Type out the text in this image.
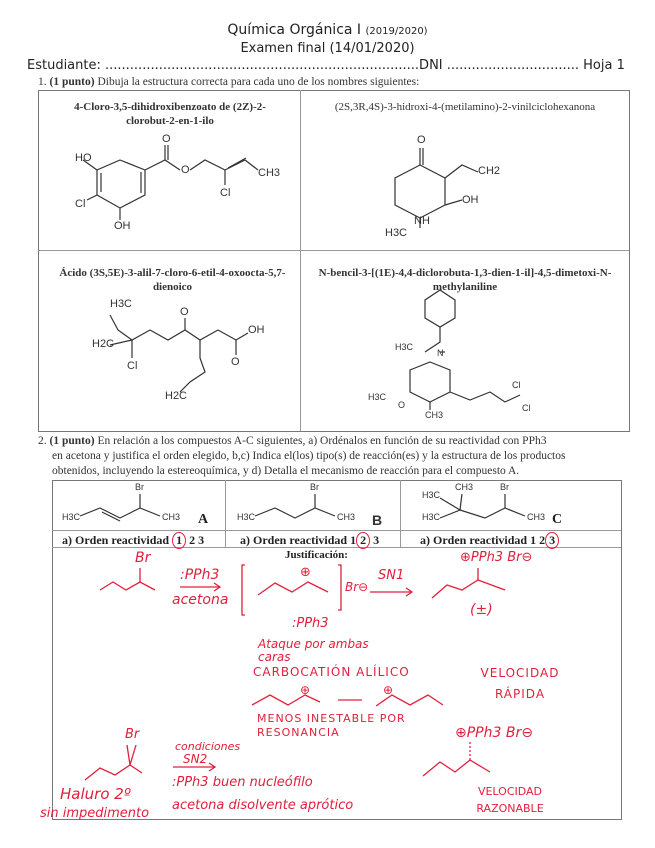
Química Orgánica I (2019/2020)
Examen final (14/01/2020)
Estudiante: ............................................................................DNI ................................ Hoja 1
1. (1 punto) Dibuja la estructura correcta para cada uno de los nombres siguientes:
4-Cloro-3,5-dihidroxibenzoato de (2Z)-2-clorobut-2-en-1-ilo
(2S,3R,4S)-3-hidroxi-4-(metilamino)-2-vinilciclohexanona
Ácido (3S,5E)-3-alil-7-cloro-6-etil-4-oxoocta-5,7-dienoico
N-bencil-3-[(1E)-4,4-diclorobuta-1,3-dien-1-il]-4,5-dimetoxi-N-methylaniline
HO
O
O
Cl
CH3
Cl
OH
O
CH2
OH
NH
H3C
H3C
O
OH
H2C
Cl	O
H2C
H3C
N
H3C
O
CH3
Cl
Cl
2. (1 punto) En relación a los compuestos A-C siguientes, a) Ordénalos en función de su reactividad con PPh3
en acetona y justifica el orden elegido, b,c) Indica el(los) tipo(s) de reacción(es) y la estructura de los productos
obtenidos, incluyendo la estereoquímica, y d) Detalla el mecanismo de reacción para el compuesto A.
H3C
Br
CH3 A	H3C
Br
CH3 B
CH3	Br
H3C
H3C	CH3 C
a) Orden reactividad 1 2 3	a) Orden reactividad 1 2 3	a) Orden reactividad 1 2 3
Justificación:
Br
:PPh3
acetona
⊕
Br⊖
SN1
⊕PPh3 Br⊖
(±)
:PPh3
Ataque por ambas caras
CARBOCATIÓN ALÍLICO
⊕	⊕
VELOCIDAD RÁPIDA
MENOS INESTABLE POR RESONANCIA
Br
condiciones
SN2
:PPh3 buen nucleófilo
acetona disolvente aprótico
Haluro 2º
sin impedimento
⊕PPh3 Br⊖
VELOCIDAD RAZONABLE
